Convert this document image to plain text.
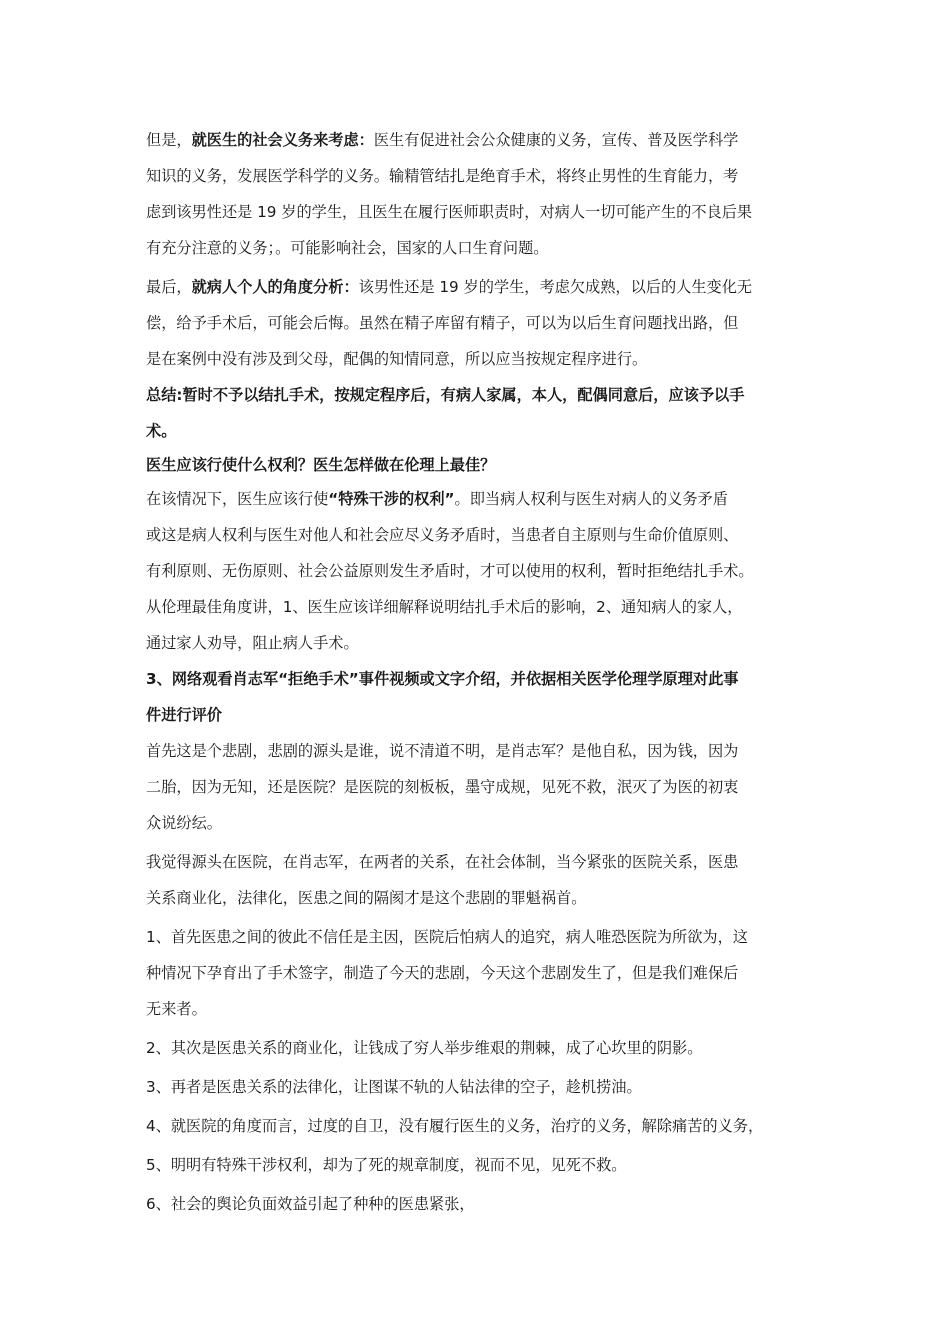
但是，就医生的社会义务来考虑：医生有促进社会公众健康的义务，宣传、普及医学科学
知识的义务，发展医学科学的义务。输精管结扎是绝育手术，将终止男性的生育能力，考
虑到该男性还是 19 岁的学生，且医生在履行医师职责时，对病人一切可能产生的不良后果
有充分注意的义务；。可能影响社会，国家的人口生育问题。

最后，就病人个人的角度分析：该男性还是 19 岁的学生，考虑欠成熟，以后的人生变化无
偿，给予手术后，可能会后悔。虽然在精子库留有精子，可以为以后生育问题找出路，但
是在案例中没有涉及到父母，配偶的知情同意，所以应当按规定程序进行。

总结:暂时不予以结扎手术，按规定程序后，有病人家属，本人，配偶同意后，应该予以手
术。

医生应该行使什么权利？医生怎样做在伦理上最佳？

在该情况下，医生应该行使“特殊干涉的权利”。即当病人权利与医生对病人的义务矛盾
或这是病人权利与医生对他人和社会应尽义务矛盾时，当患者自主原则与生命价值原则、
有利原则、无伤原则、社会公益原则发生矛盾时，才可以使用的权利，暂时拒绝结扎手术。
从伦理最佳角度讲，1、医生应该详细解释说明结扎手术后的影响，2、通知病人的家人，
通过家人劝导，阻止病人手术。

3、网络观看肖志军“拒绝手术”事件视频或文字介绍，并依据相关医学伦理学原理对此事
件进行评价

首先这是个悲剧，悲剧的源头是谁，说不清道不明，是肖志军？是他自私，因为钱，因为
二胎，因为无知，还是医院？是医院的刻板板，墨守成规，见死不救，泯灭了为医的初衷
众说纷纭。

我觉得源头在医院，在肖志军，在两者的关系，在社会体制，当今紧张的医院关系，医患
关系商业化，法律化，医患之间的隔阂才是这个悲剧的罪魁祸首。

1、首先医患之间的彼此不信任是主因，医院后怕病人的追究，病人唯恐医院为所欲为，这
种情况下孕育出了手术签字，制造了今天的悲剧，今天这个悲剧发生了，但是我们难保后
无来者。

2、其次是医患关系的商业化，让钱成了穷人举步维艰的荆棘，成了心坎里的阴影。

3、再者是医患关系的法律化，让图谋不轨的人钻法律的空子，趁机捞油。

4、就医院的角度而言，过度的自卫，没有履行医生的义务，治疗的义务，解除痛苦的义务，

5、明明有特殊干涉权利，却为了死的规章制度，视而不见，见死不救。

6、社会的舆论负面效益引起了种种的医患紧张，
